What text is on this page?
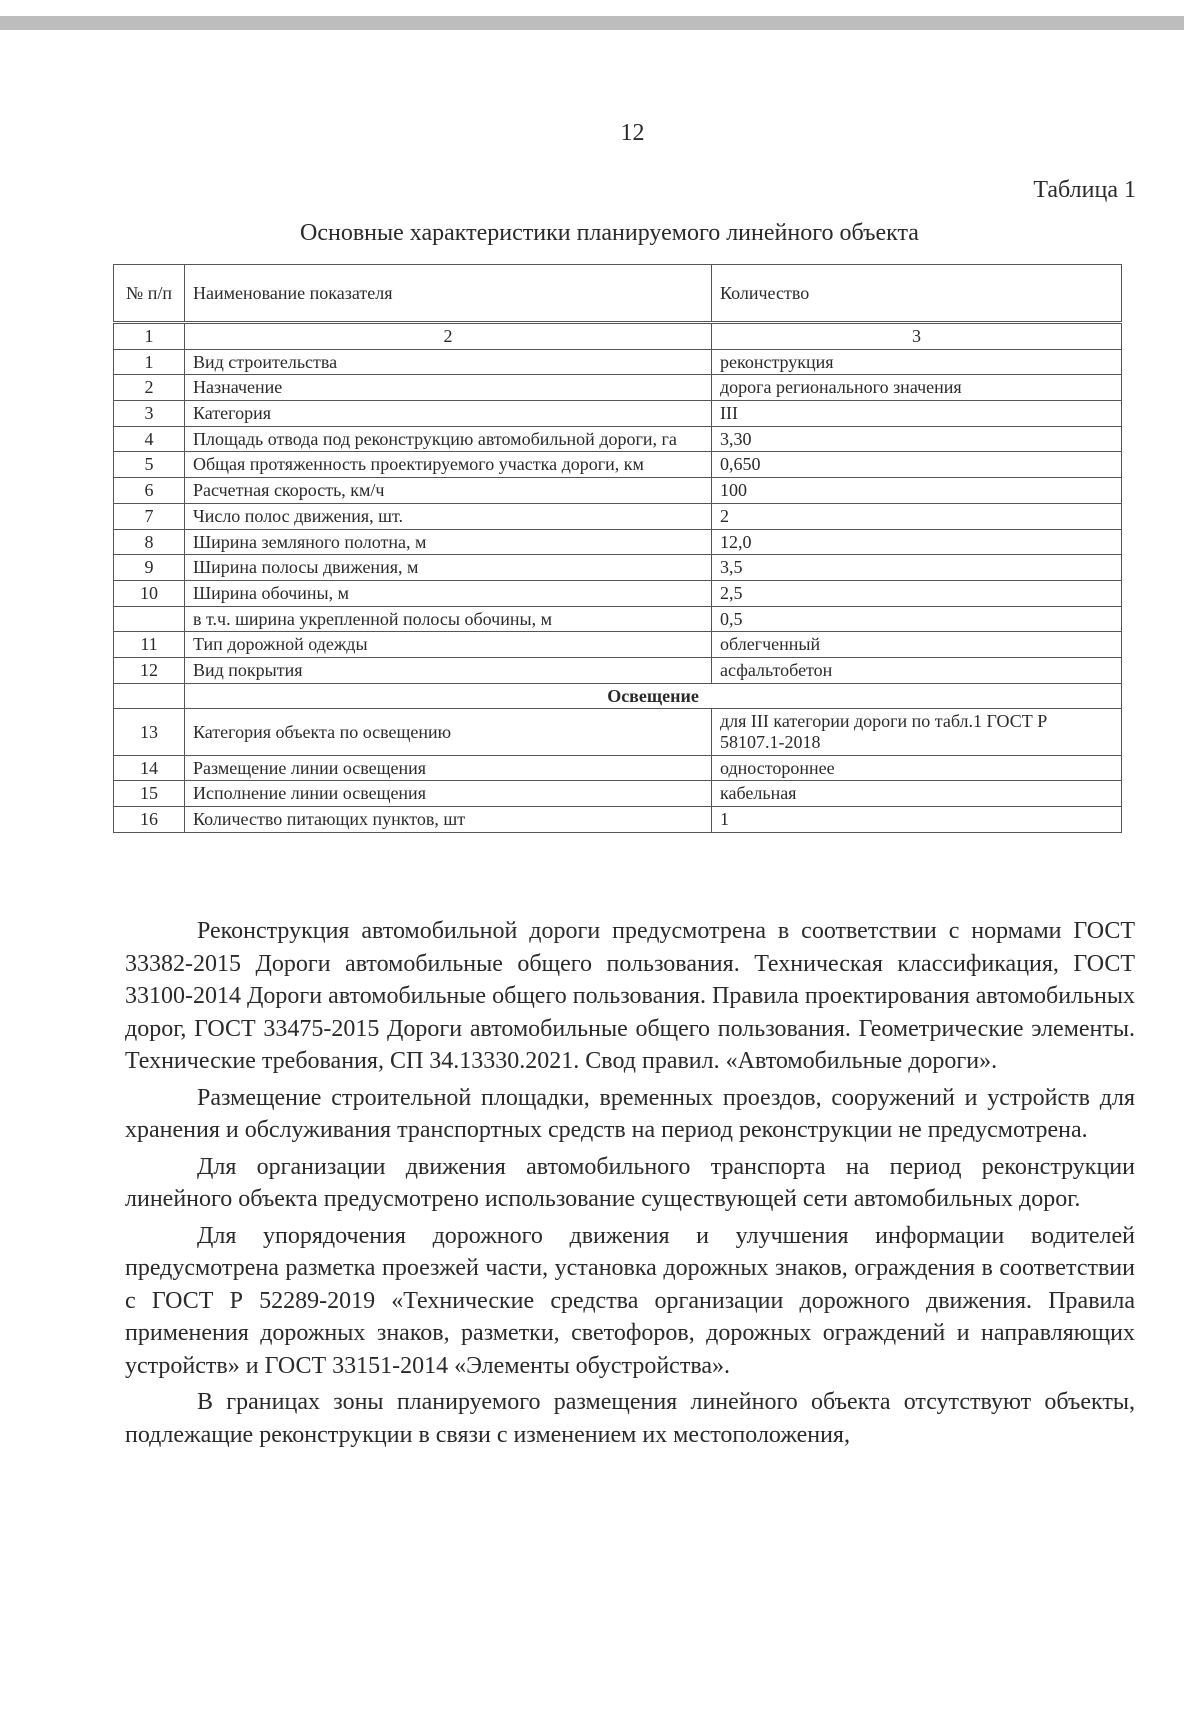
12
Таблица 1
Основные характеристики планируемого линейного объекта
№ п/п	Наименование показателя	Количество
1	2	3
1	Вид строительства	реконструкция
2	Назначение	дорога регионального значения
3	Категория	III
4	Площадь отвода под реконструкцию автомобильной дороги, га	3,30
5	Общая протяженность проектируемого участка дороги, км	0,650
6	Расчетная скорость, км/ч	100
7	Число полос движения, шт.	2
8	Ширина земляного полотна, м	12,0
9	Ширина полосы движения, м	3,5
10	Ширина обочины, м	2,5
	в т.ч. ширина укрепленной полосы обочины, м	0,5
11	Тип дорожной одежды	облегченный
12	Вид покрытия	асфальтобетон
	Освещение	
13	Категория объекта по освещению	для III категории дороги по табл.1 ГОСТ Р 58107.1-2018
14	Размещение линии освещения	одностороннее
15	Исполнение линии освещения	кабельная
16	Количество питающих пунктов, шт	1

Реконструкция автомобильной дороги предусмотрена в соответствии с нормами ГОСТ 33382-2015 Дороги автомобильные общего пользования. Техническая классификация, ГОСТ 33100-2014 Дороги автомобильные общего пользования. Правила проектирования автомобильных дорог, ГОСТ 33475-2015 Дороги автомобильные общего пользования. Геометрические элементы. Технические требования, СП 34.13330.2021. Свод правил. «Автомобильные дороги».

Размещение строительной площадки, временных проездов, сооружений и устройств для хранения и обслуживания транспортных средств на период реконструкции не предусмотрена.

Для организации движения автомобильного транспорта на период реконструкции линейного объекта предусмотрено использование существующей сети автомобильных дорог.

Для упорядочения дорожного движения и улучшения информации водителей предусмотрена разметка проезжей части, установка дорожных знаков, ограждения в соответствии с ГОСТ Р 52289-2019 «Технические средства организации дорожного движения. Правила применения дорожных знаков, разметки, светофоров, дорожных ограждений и направляющих устройств» и ГОСТ 33151-2014 «Элементы обустройства».

В границах зоны планируемого размещения линейного объекта отсутствуют объекты, подлежащие реконструкции в связи с изменением их местоположения,
